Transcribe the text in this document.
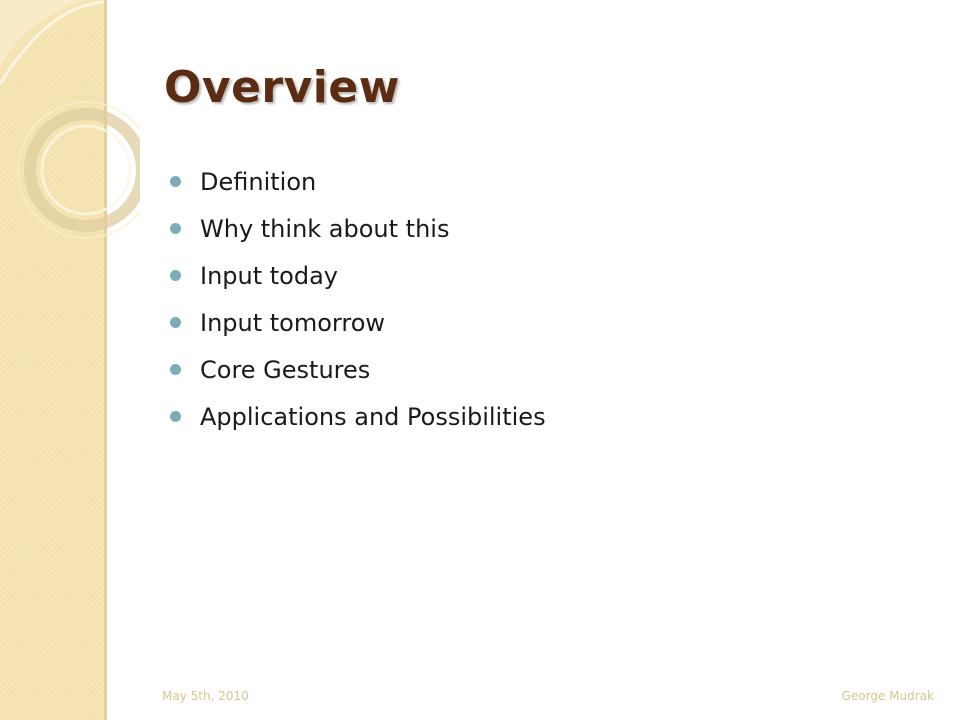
Overview
Definition
Why think about this
Input today
Input tomorrow
Core Gestures
Applications and Possibilities
May 5th, 2010	George Mudrak
